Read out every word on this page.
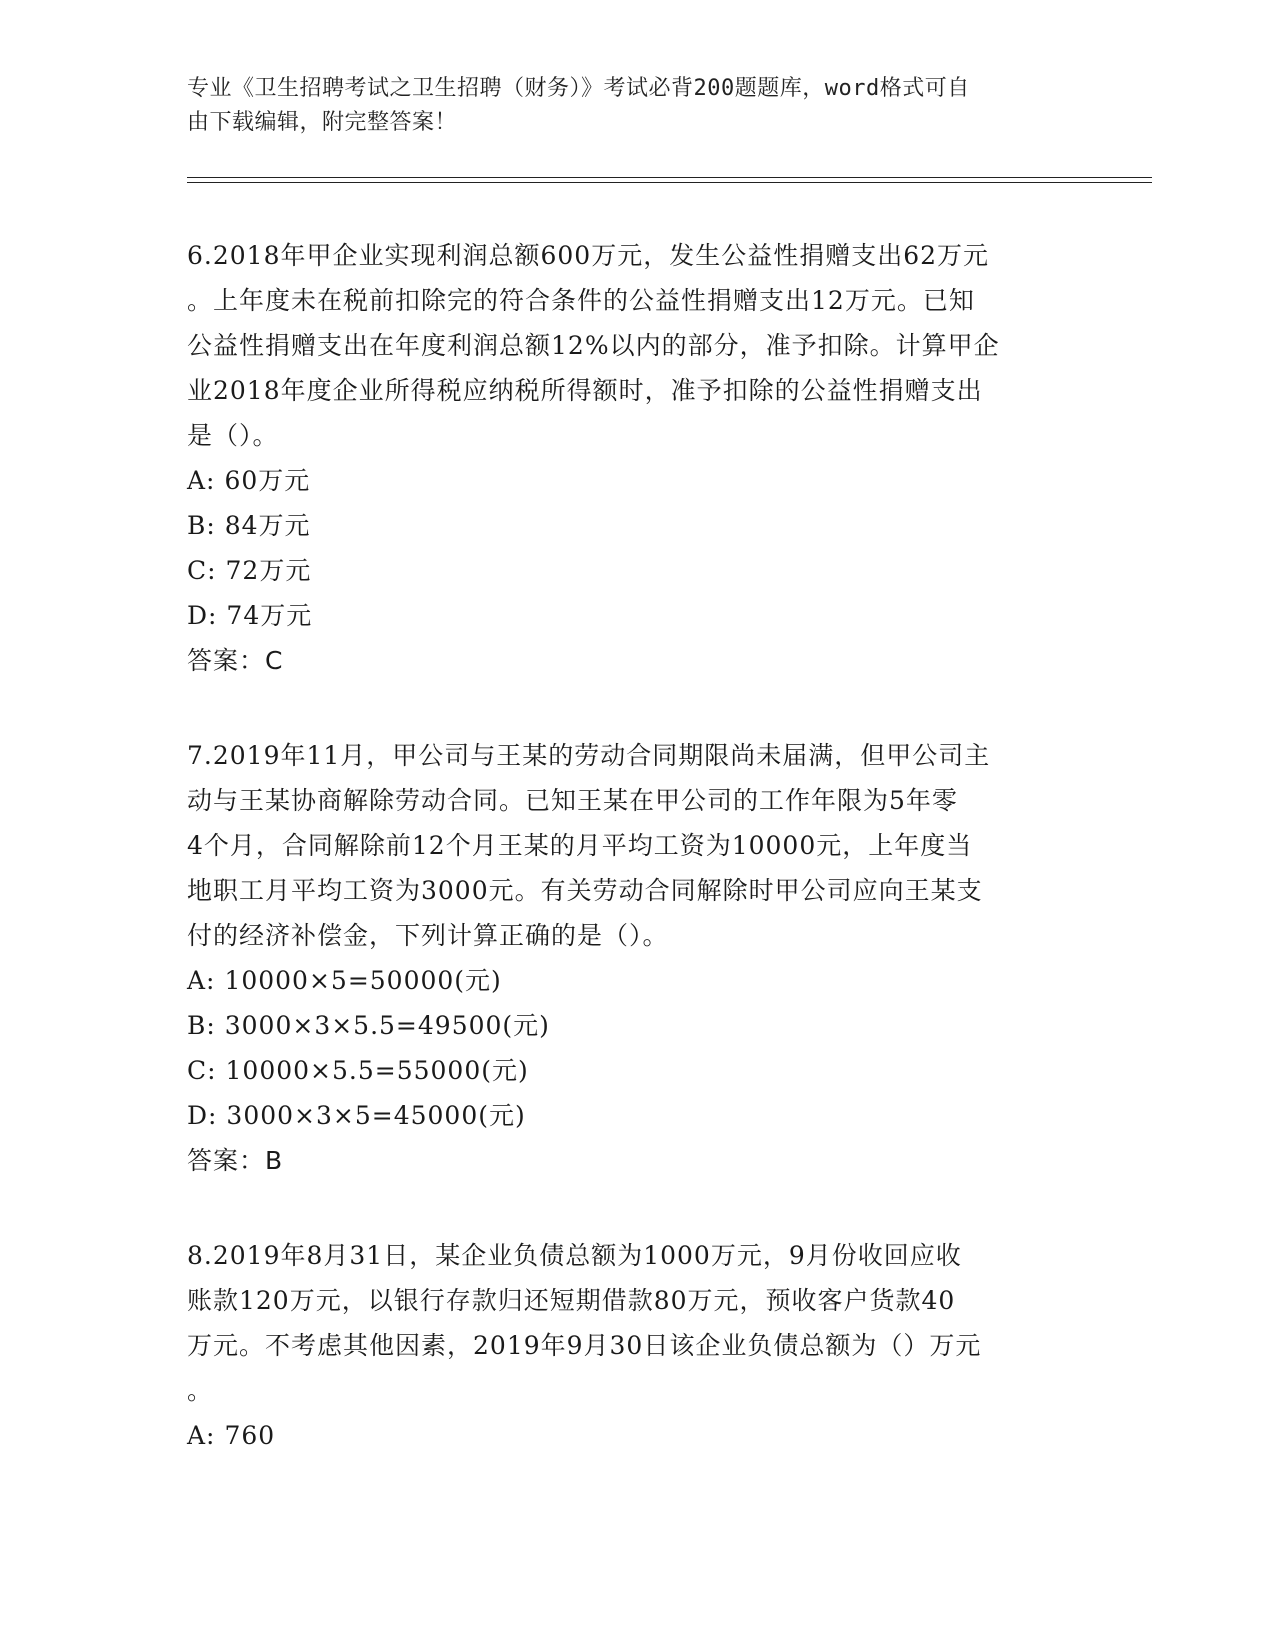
专业《卫生招聘考试之卫生招聘（财务）》考试必背200题题库，word格式可自
由下载编辑，附完整答案！

6.2018年甲企业实现利润总额600万元，发生公益性捐赠支出62万元

。上年度未在税前扣除完的符合条件的公益性捐赠支出12万元。已知

公益性捐赠支出在年度利润总额12%以内的部分，准予扣除。计算甲企

业2018年度企业所得税应纳税所得额时，准予扣除的公益性捐赠支出

是（）。

A: 60万元

B: 84万元

C: 72万元

D: 74万元

答案：C

7.2019年11月，甲公司与王某的劳动合同期限尚未届满，但甲公司主

动与王某协商解除劳动合同。已知王某在甲公司的工作年限为5年零

4个月，合同解除前12个月王某的月平均工资为10000元，上年度当

地职工月平均工资为3000元。有关劳动合同解除时甲公司应向王某支

付的经济补偿金，下列计算正确的是（）。

A: 10000×5=50000(元)

B: 3000×3×5.5=49500(元)

C: 10000×5.5=55000(元)

D: 3000×3×5=45000(元)

答案：B

8.2019年8月31日，某企业负债总额为1000万元，9月份收回应收

账款120万元，以银行存款归还短期借款80万元，预收客户货款40

万元。不考虑其他因素，2019年9月30日该企业负债总额为（）万元

。

A: 760
